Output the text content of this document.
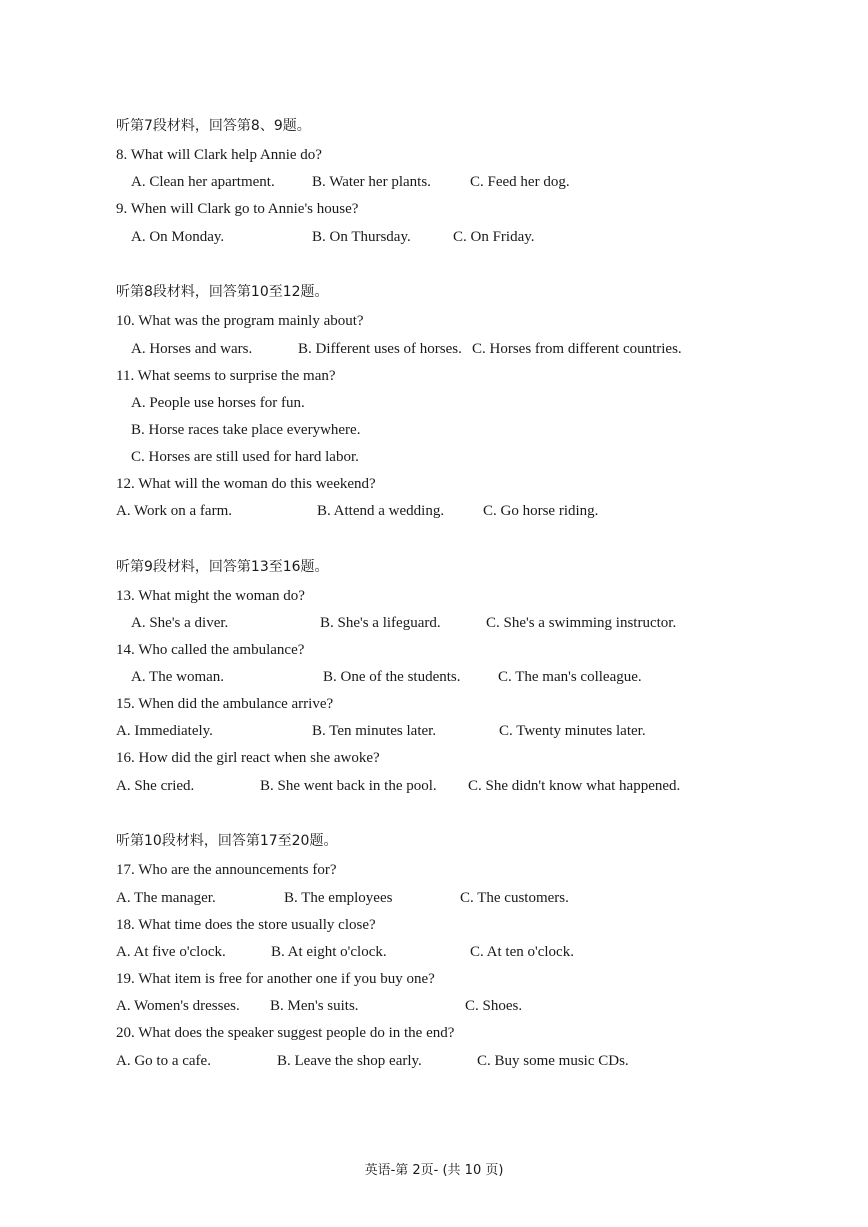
听第7段材料，回答第8、9题。
8. What will Clark help Annie do?
A. Clean her apartment. B. Water her plants.	C. Feed her dog.
9. When will Clark go to Annie's house?
A. On Monday.	B. On Thursday.	C. On Friday.
听第8段材料，回答第10至12题。
10. What was the program mainly about?
A. Horses and wars.	B. Different uses of horses. C. Horses from different countries.
11. What seems to surprise the man?
A. People use horses for fun.
B. Horse races take place everywhere.
C. Horses are still used for hard labor.
12. What will the woman do this weekend?
A. Work on a farm.	B. Attend a wedding.	C. Go horse riding.
听第9段材料，回答第13至16题。
13. What might the woman do?
A. She's a diver.	B. She's a lifeguard.	C. She's a swimming instructor.
14. Who called the ambulance?
A. The woman.	B. One of the students.	C. The man's colleague.
15. When did the ambulance arrive?
A. Immediately.	B. Ten minutes later.	C. Twenty minutes later.
16. How did the girl react when she awoke?
A. She cried.	B. She went back in the pool. C. She didn't know what happened.
听第10段材料，回答第17至20题。
17. Who are the announcements for?
A. The manager.	B. The employees	C. The customers.
18. What time does the store usually close?
A. At five o'clock.	B. At eight o'clock.	C. At ten o'clock.
19. What item is free for another one if you buy one?
A. Women's dresses. B. Men's suits.	C. Shoes.
20. What does the speaker suggest people do in the end?
A. Go to a cafe.	B. Leave the shop early.	C. Buy some music CDs.
英语-第 2页- (共 10 页)
